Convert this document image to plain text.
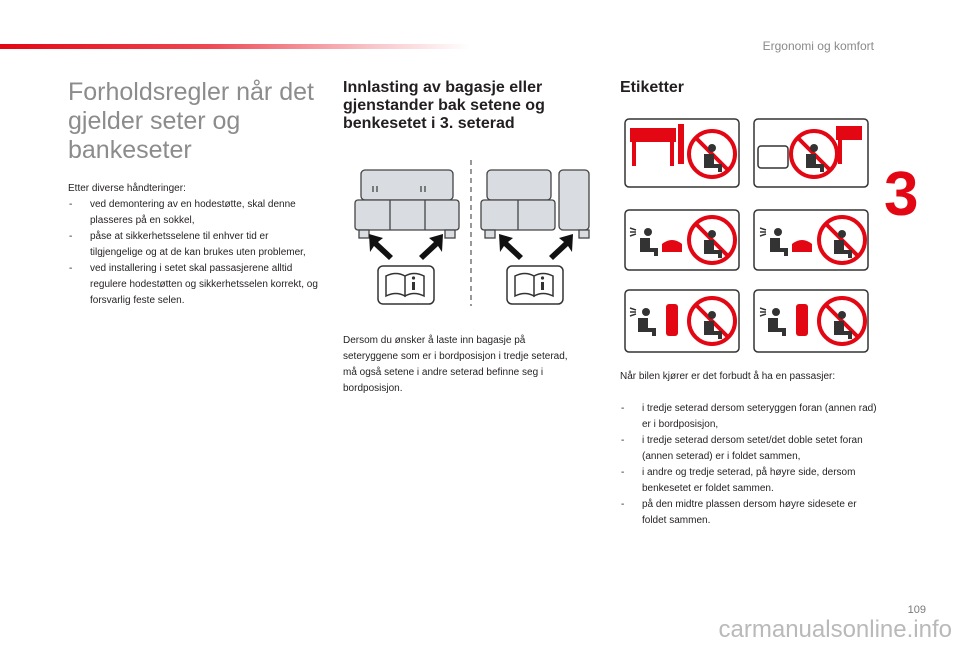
Ergonomi og komfort
3
Forholdsregler når det gjelder seter og bankeseter

Etter diverse håndteringer:

- ved demontering av en hodestøtte, skal denne plasseres på en sokkel,
- påse at sikkerhetsselene til enhver tid er tilgjengelige og at de kan brukes uten problemer,
- ved installering i setet skal passasjerene alltid regulere hodestøtten og sikkerhetsselen korrekt, og forsvarlig feste selen.
Innlasting av bagasje eller gjenstander bak setene og benkesetet i 3. seterad

Dersom du ønsker å laste inn bagasje på seteryggene som er i bordposisjon i tredje seterad, må også setene i andre seterad befinne seg i bordposisjon.

Etiketter

Når bilen kjører er det forbudt å ha en passasjer:

- i tredje seterad dersom seteryggen foran (annen rad) er i bordposisjon,
- i tredje seterad dersom setet/det doble setet foran (annen seterad) er i foldet sammen,
- i andre og tredje seterad, på høyre side, dersom benkesetet er foldet sammen.
- på den midtre plassen dersom høyre sidesete er foldet sammen.
109
carmanualsonline.info
